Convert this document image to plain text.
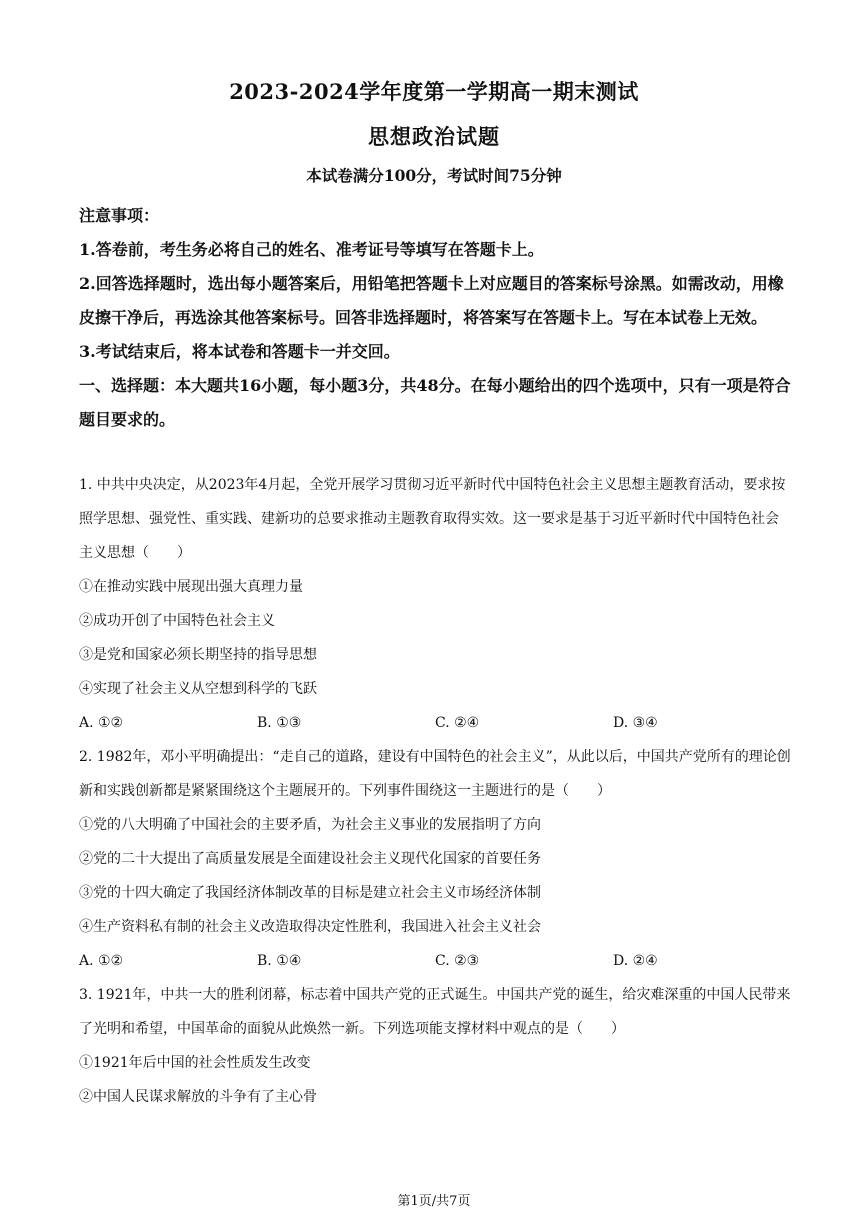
2023-2024学年度第一学期高一期末测试
思想政治试题
本试卷满分100分，考试时间75分钟

注意事项：

1.答卷前，考生务必将自己的姓名、准考证号等填写在答题卡上。

2.回答选择题时，选出每小题答案后，用铅笔把答题卡上对应题目的答案标号涂黑。如需改动，用橡皮擦干净后，再选涂其他答案标号。回答非选择题时，将答案写在答题卡上。写在本试卷上无效。

3.考试结束后，将本试卷和答题卡一并交回。

一、选择题：本大题共16小题，每小题3分，共48分。在每小题给出的四个选项中，只有一项是符合题目要求的。

1. 中共中央决定，从2023年4月起，全党开展学习贯彻习近平新时代中国特色社会主义思想主题教育活动，要求按照学思想、强党性、重实践、建新功的总要求推动主题教育取得实效。这一要求是基于习近平新时代中国特色社会主义思想（　　）

①在推动实践中展现出强大真理力量

②成功开创了中国特色社会主义

③是党和国家必须长期坚持的指导思想

④实现了社会主义从空想到科学的飞跃

A. ①②	B. ①③	C. ②④	D. ③④

2. 1982年，邓小平明确提出：“走自己的道路，建设有中国特色的社会主义”，从此以后，中国共产党所有的理论创新和实践创新都是紧紧围绕这个主题展开的。下列事件围绕这一主题进行的是（　　）

①党的八大明确了中国社会的主要矛盾，为社会主义事业的发展指明了方向

②党的二十大提出了高质量发展是全面建设社会主义现代化国家的首要任务

③党的十四大确定了我国经济体制改革的目标是建立社会主义市场经济体制

④生产资料私有制的社会主义改造取得决定性胜利，我国进入社会主义社会

A. ①②	B. ①④	C. ②③	D. ②④

3. 1921年，中共一大的胜利闭幕，标志着中国共产党的正式诞生。中国共产党的诞生，给灾难深重的中国人民带来了光明和希望，中国革命的面貌从此焕然一新。下列选项能支撑材料中观点的是（　　）

①1921年后中国的社会性质发生改变

②中国人民谋求解放的斗争有了主心骨

第1页/共7页
